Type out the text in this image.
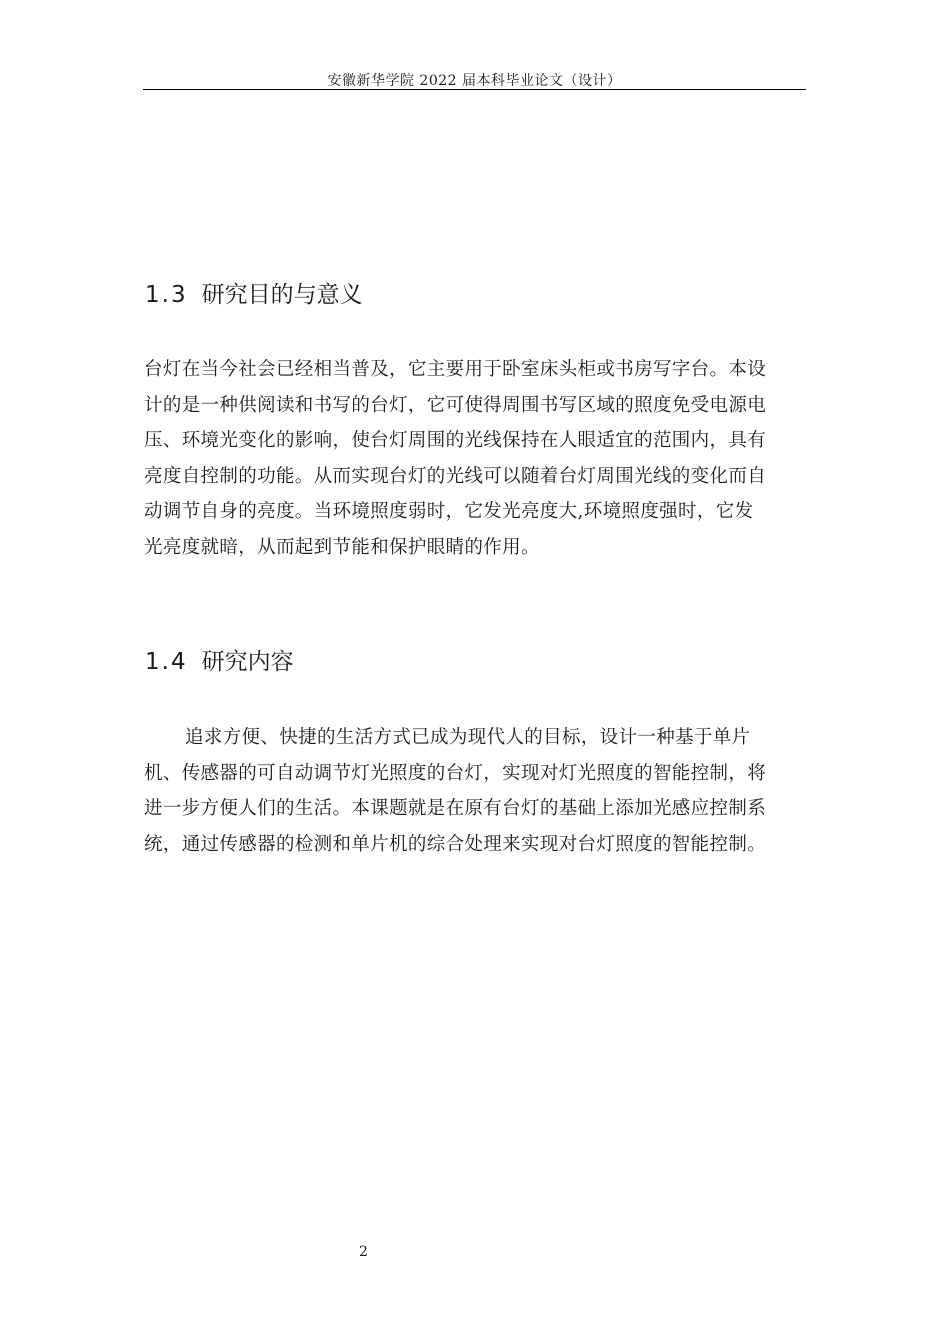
安徽新华学院 2022 届本科毕业论文（设计）
1.3 研究目的与意义
台灯在当今社会已经相当普及，它主要用于卧室床头柜或书房写字台。本设
计的是一种供阅读和书写的台灯，它可使得周围书写区域的照度免受电源电
压、环境光变化的影响，使台灯周围的光线保持在人眼适宜的范围内，具有
亮度自控制的功能。从而实现台灯的光线可以随着台灯周围光线的变化而自
动调节自身的亮度。当环境照度弱时，它发光亮度大,环境照度强时，它发
光亮度就暗，从而起到节能和保护眼睛的作用。
1.4 研究内容
追求方便、快捷的生活方式已成为现代人的目标，设计一种基于单片
机、传感器的可自动调节灯光照度的台灯，实现对灯光照度的智能控制，将
进一步方便人们的生活。本课题就是在原有台灯的基础上添加光感应控制系
统，通过传感器的检测和单片机的综合处理来实现对台灯照度的智能控制。
2
